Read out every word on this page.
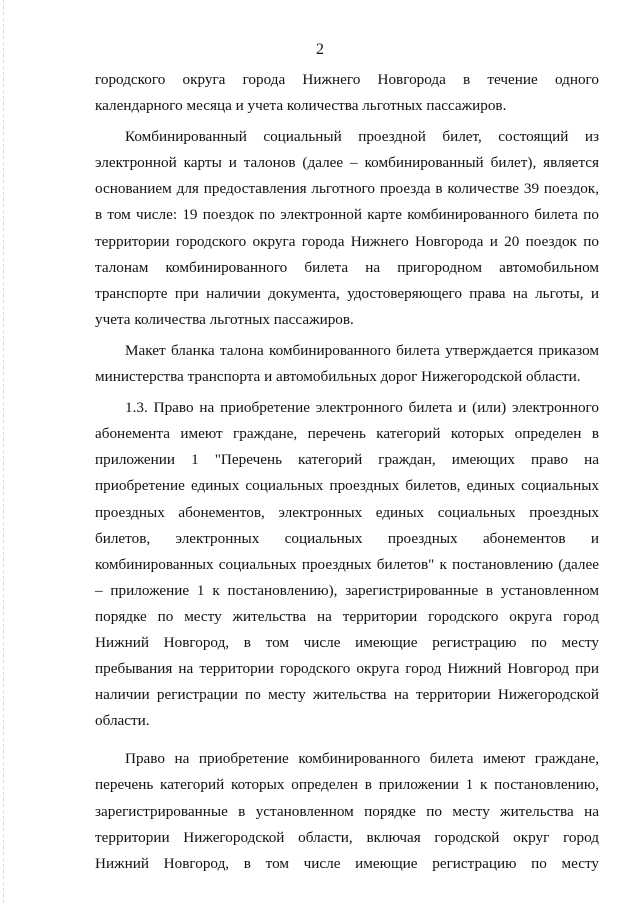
2
городского округа города Нижнего Новгорода в течение одного
календарного месяца и учета количества льготных пассажиров.
Комбинированный социальный проездной билет, состоящий из
электронной карты и талонов (далее – комбинированный билет), является
основанием для предоставления льготного проезда в количестве 39 поездок,
в том числе: 19 поездок по электронной карте комбинированного билета по
территории городского округа города Нижнего Новгорода и 20 поездок по
талонам комбинированного билета на пригородном автомобильном
транспорте при наличии документа, удостоверяющего права на льготы, и
учета количества льготных пассажиров.
Макет бланка талона комбинированного билета утверждается приказом
министерства транспорта и автомобильных дорог Нижегородской области.
1.3. Право на приобретение электронного билета и (или) электронного
абонемента имеют граждане, перечень категорий которых определен в
приложении 1 "Перечень категорий граждан, имеющих право на
приобретение единых социальных проездных билетов, единых социальных
проездных абонементов, электронных единых социальных проездных
билетов, электронных социальных проездных абонементов и
комбинированных социальных проездных билетов" к постановлению (далее
– приложение 1 к постановлению), зарегистрированные в установленном
порядке по месту жительства на территории городского округа город
Нижний Новгород, в том числе имеющие регистрацию по месту
пребывания на территории городского округа город Нижний Новгород при
наличии регистрации по месту жительства на территории Нижегородской
области.
Право на приобретение комбинированного билета имеют граждане,
перечень категорий которых определен в приложении 1 к постановлению,
зарегистрированные в установленном порядке по месту жительства на
территории Нижегородской области, включая городской округ город
Нижний Новгород, в том числе имеющие регистрацию по месту
